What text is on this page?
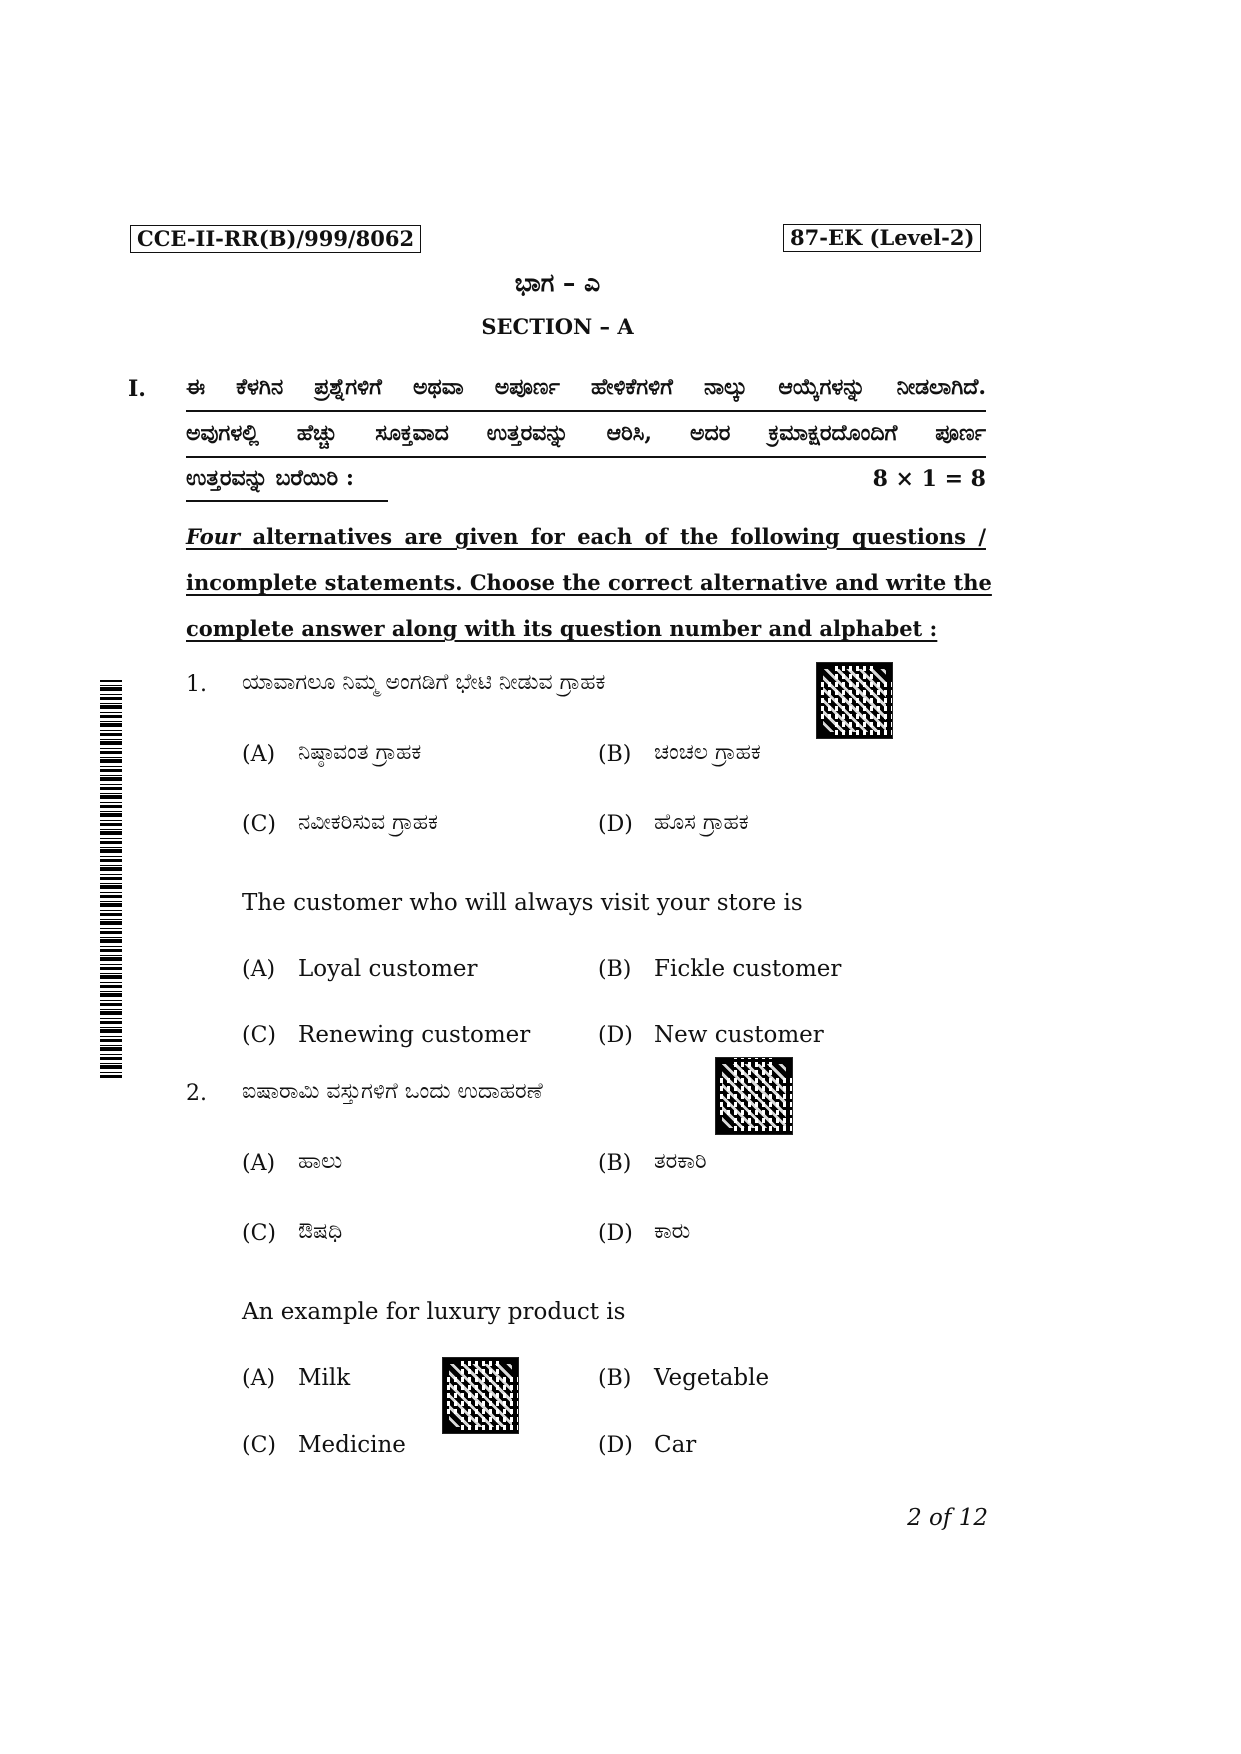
CCE-II-RR(B)/999/8062	87-EK (Level-2)
ಭಾಗ – ಎ
SECTION – A
I. ಈ ಕೆಳಗಿನ ಪ್ರಶ್ನೆಗಳಿಗೆ ಅಥವಾ ಅಪೂರ್ಣ ಹೇಳಿಕೆಗಳಿಗೆ ನಾಲ್ಕು ಆಯ್ಕೆಗಳನ್ನು ನೀಡಲಾಗಿದೆ.
ಅವುಗಳಲ್ಲಿ ಹೆಚ್ಚು ಸೂಕ್ತವಾದ ಉತ್ತರವನ್ನು ಆರಿಸಿ, ಅದರ ಕ್ರಮಾಕ್ಷರದೊಂದಿಗೆ ಪೂರ್ಣ
ಉತ್ತರವನ್ನು ಬರೆಯಿರಿ :	8 × 1 = 8
Four alternatives are given for each of the following questions /
incomplete statements. Choose the correct alternative and write the
complete answer along with its question number and alphabet :
1. ಯಾವಾಗಲೂ ನಿಮ್ಮ ಅಂಗಡಿಗೆ ಭೇಟಿ ನೀಡುವ ಗ್ರಾಹಕ
(A) ನಿಷ್ಠಾವಂತ ಗ್ರಾಹಕ	(B) ಚಂಚಲ ಗ್ರಾಹಕ
(C) ನವೀಕರಿಸುವ ಗ್ರಾಹಕ	(D) ಹೊಸ ಗ್ರಾಹಕ
The customer who will always visit your store is
(A) Loyal customer	(B) Fickle customer
(C) Renewing customer	(D) New customer
2. ಐಷಾರಾಮಿ ವಸ್ತುಗಳಿಗೆ ಒಂದು ಉದಾಹರಣೆ
(A) ಹಾಲು	(B) ತರಕಾರಿ
(C) ಔಷಧಿ	(D) ಕಾರು
An example for luxury product is
(A) Milk	(B) Vegetable
(C) Medicine	(D) Car
2 of 12
